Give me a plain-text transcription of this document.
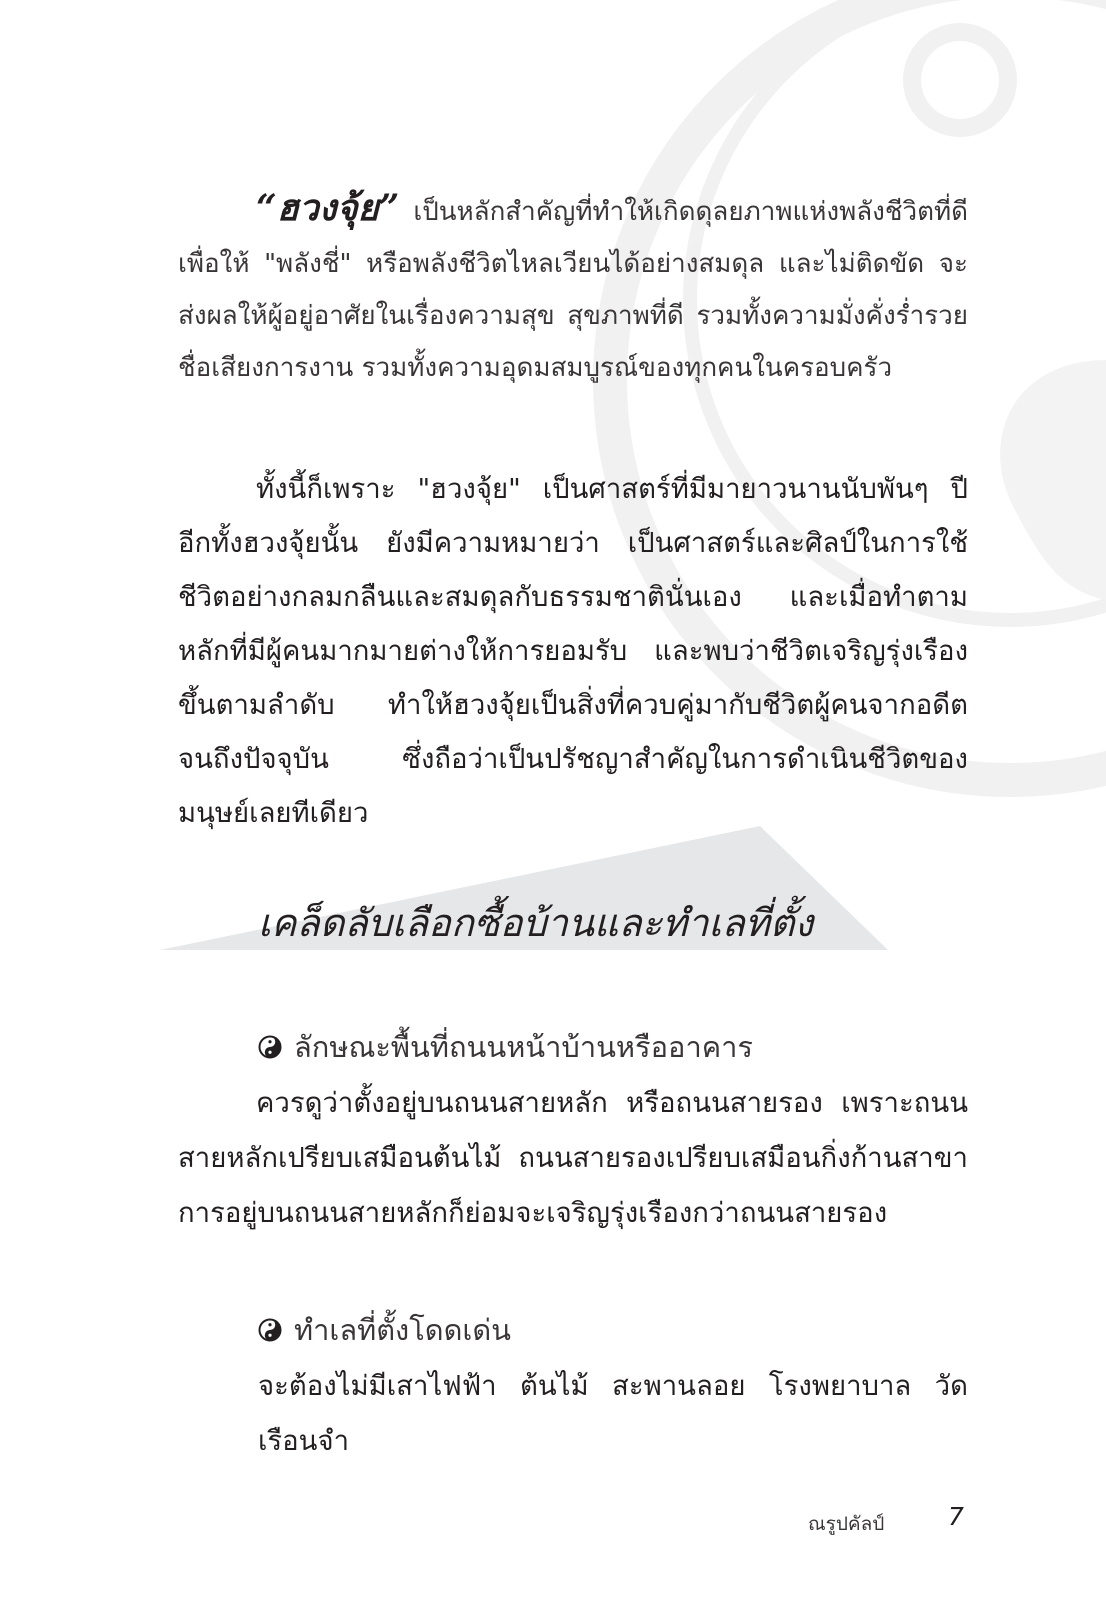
“ฮวงจุ้ย” เป็นหลักสำคัญที่ทำให้เกิดดุลยภาพแห่งพลังชีวิตที่ดี เพื่อให้ "พลังชี่" หรือพลังชีวิตไหลเวียนได้อย่างสมดุล และไม่ติดขัด จะส่งผลให้ผู้อยู่อาศัยในเรื่องความสุข สุขภาพที่ดี รวมทั้งความมั่งคั่งร่ำรวย ชื่อเสียงการงาน รวมทั้งความอุดมสมบูรณ์ของทุกคนในครอบครัว

ทั้งนี้ก็เพราะ "ฮวงจุ้ย" เป็นศาสตร์ที่มีมายาวนานนับพันๆ ปี อีกทั้งฮวงจุ้ยนั้น ยังมีความหมายว่า เป็นศาสตร์และศิลป์ในการใช้ชีวิตอย่างกลมกลืนและสมดุลกับธรรมชาตินั่นเอง และเมื่อทำตามหลักที่มีผู้คนมากมายต่างให้การยอมรับ และพบว่าชีวิตเจริญรุ่งเรืองขึ้นตามลำดับ ทำให้ฮวงจุ้ยเป็นสิ่งที่ควบคู่มากับชีวิตผู้คนจากอดีตจนถึงปัจจุบัน ซึ่งถือว่าเป็นปรัชญาสำคัญในการดำเนินชีวิตของมนุษย์เลยทีเดียว

เคล็ดลับเลือกซื้อบ้านและทำเลที่ตั้ง
ลักษณะพื้นที่ถนนหน้าบ้านหรืออาคาร

ควรดูว่าตั้งอยู่บนถนนสายหลัก หรือถนนสายรอง เพราะถนนสายหลักเปรียบเสมือนต้นไม้ ถนนสายรองเปรียบเสมือนกิ่งก้านสาขา การอยู่บนถนนสายหลักก็ย่อมจะเจริญรุ่งเรืองกว่าถนนสายรอง

ทำเลที่ตั้งโดดเด่น

จะต้องไม่มีเสาไฟฟ้า ต้นไม้ สะพานลอย โรงพยาบาล วัด เรือนจำ

ณรูปคัลป์	7
